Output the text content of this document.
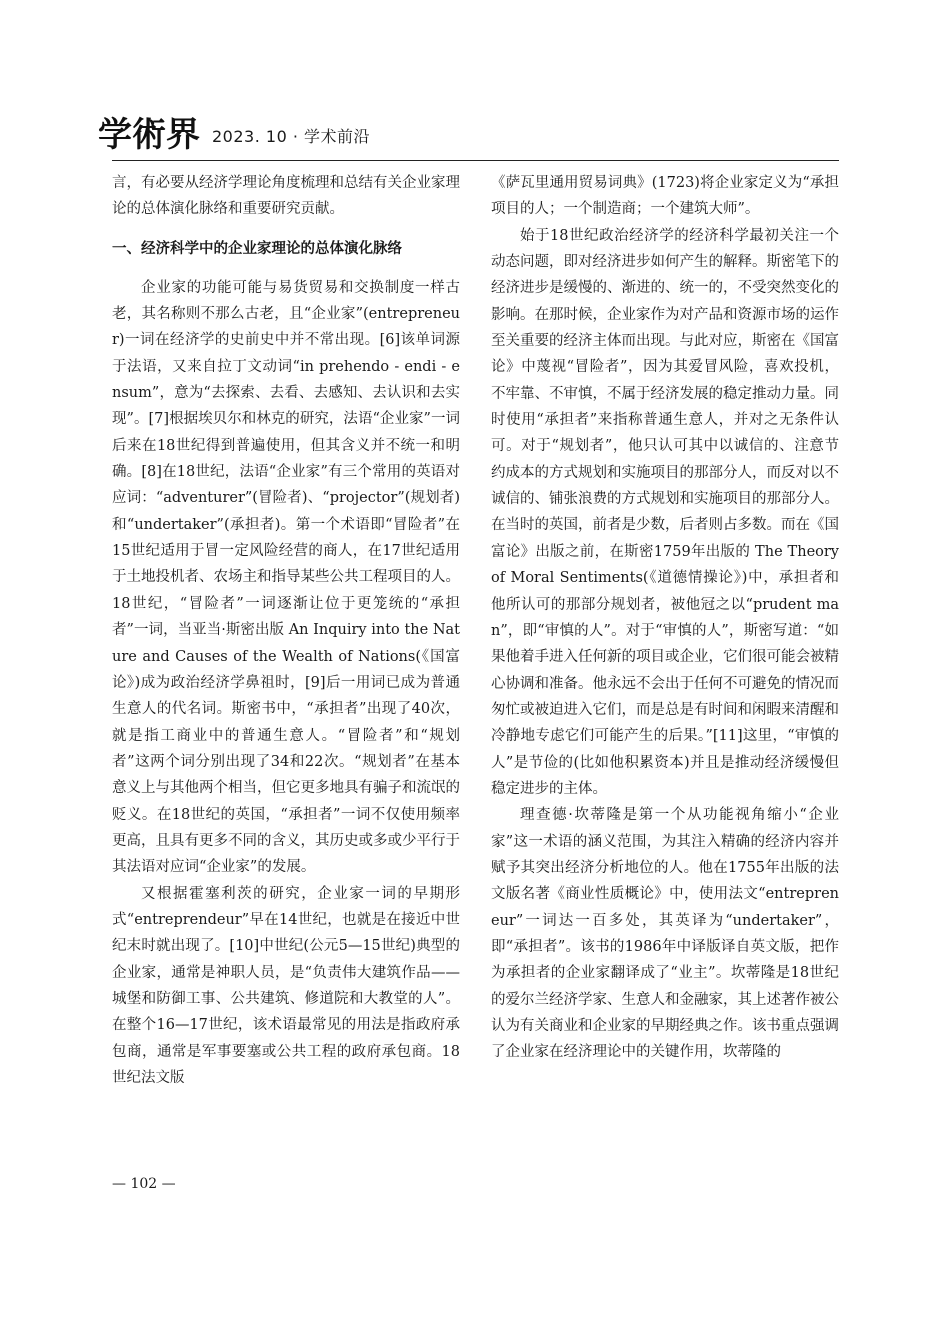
学術界 2023. 10 · 学术前沿

言，有必要从经济学理论角度梳理和总结有关企业家理论的总体演化脉络和重要研究贡献。

一、经济科学中的企业家理论的总体演化脉络

企业家的功能可能与易货贸易和交换制度一样古老，其名称则不那么古老，且“企业家”(entrepreneur)一词在经济学的史前史中并不常出现。[6]该单词源于法语，又来自拉丁文动词“in prehendo - endi - ensum”，意为“去探索、去看、去感知、去认识和去实现”。[7]根据埃贝尔和林克的研究，法语“企业家”一词后来在18世纪得到普遍使用，但其含义并不统一和明确。[8]在18世纪，法语“企业家”有三个常用的英语对应词：“adventurer”(冒险者)、“projector”(规划者)和“undertaker”(承担者)。第一个术语即“冒险者”在15世纪适用于冒一定风险经营的商人，在17世纪适用于土地投机者、农场主和指导某些公共工程项目的人。18世纪，“冒险者”一词逐渐让位于更笼统的“承担者”一词，当亚当·斯密出版 An Inquiry into the Nature and Causes of the Wealth of Nations(《国富论》)成为政治经济学鼻祖时，[9]后一用词已成为普通生意人的代名词。斯密书中，“承担者”出现了40次，就是指工商业中的普通生意人。“冒险者”和“规划者”这两个词分别出现了34和22次。“规划者”在基本意义上与其他两个相当，但它更多地具有骗子和流氓的贬义。在18世纪的英国，“承担者”一词不仅使用频率更高，且具有更多不同的含义，其历史或多或少平行于其法语对应词“企业家”的发展。

又根据霍塞利茨的研究，企业家一词的早期形式“entreprendeur”早在14世纪，也就是在接近中世纪末时就出现了。[10]中世纪(公元5—15世纪)典型的企业家，通常是神职人员，是“负责伟大建筑作品——城堡和防御工事、公共建筑、修道院和大教堂的人”。在整个16—17世纪，该术语最常见的用法是指政府承包商，通常是军事要塞或公共工程的政府承包商。18世纪法文版

《萨瓦里通用贸易词典》(1723)将企业家定义为“承担项目的人；一个制造商；一个建筑大师”。

始于18世纪政治经济学的经济科学最初关注一个动态问题，即对经济进步如何产生的解释。斯密笔下的经济进步是缓慢的、渐进的、统一的，不受突然变化的影响。在那时候，企业家作为对产品和资源市场的运作至关重要的经济主体而出现。与此对应，斯密在《国富论》中蔑视“冒险者”，因为其爱冒风险，喜欢投机，不牢靠、不审慎，不属于经济发展的稳定推动力量。同时使用“承担者”来指称普通生意人，并对之无条件认可。对于“规划者”，他只认可其中以诚信的、注意节约成本的方式规划和实施项目的那部分人，而反对以不诚信的、铺张浪费的方式规划和实施项目的那部分人。在当时的英国，前者是少数，后者则占多数。而在《国富论》出版之前，在斯密1759年出版的 The Theory of Moral Sentiments(《道德情操论》)中，承担者和他所认可的那部分规划者，被他冠之以“prudent man”，即“审慎的人”。对于“审慎的人”，斯密写道：“如果他着手进入任何新的项目或企业，它们很可能会被精心协调和准备。他永远不会出于任何不可避免的情况而匆忙或被迫进入它们，而是总是有时间和闲暇来清醒和冷静地专虑它们可能产生的后果。”[11]这里，“审慎的人”是节俭的(比如他积累资本)并且是推动经济缓慢但稳定进步的主体。

理查德·坎蒂隆是第一个从功能视角缩小“企业家”这一术语的涵义范围，为其注入精确的经济内容并赋予其突出经济分析地位的人。他在1755年出版的法文版名著《商业性质概论》中，使用法文“entrepreneur”一词达一百多处，其英译为“undertaker”，即“承担者”。该书的1986年中译版译自英文版，把作为承担者的企业家翻译成了“业主”。坎蒂隆是18世纪的爱尔兰经济学家、生意人和金融家，其上述著作被公认为有关商业和企业家的早期经典之作。该书重点强调了企业家在经济理论中的关键作用，坎蒂隆的

— 102 —
